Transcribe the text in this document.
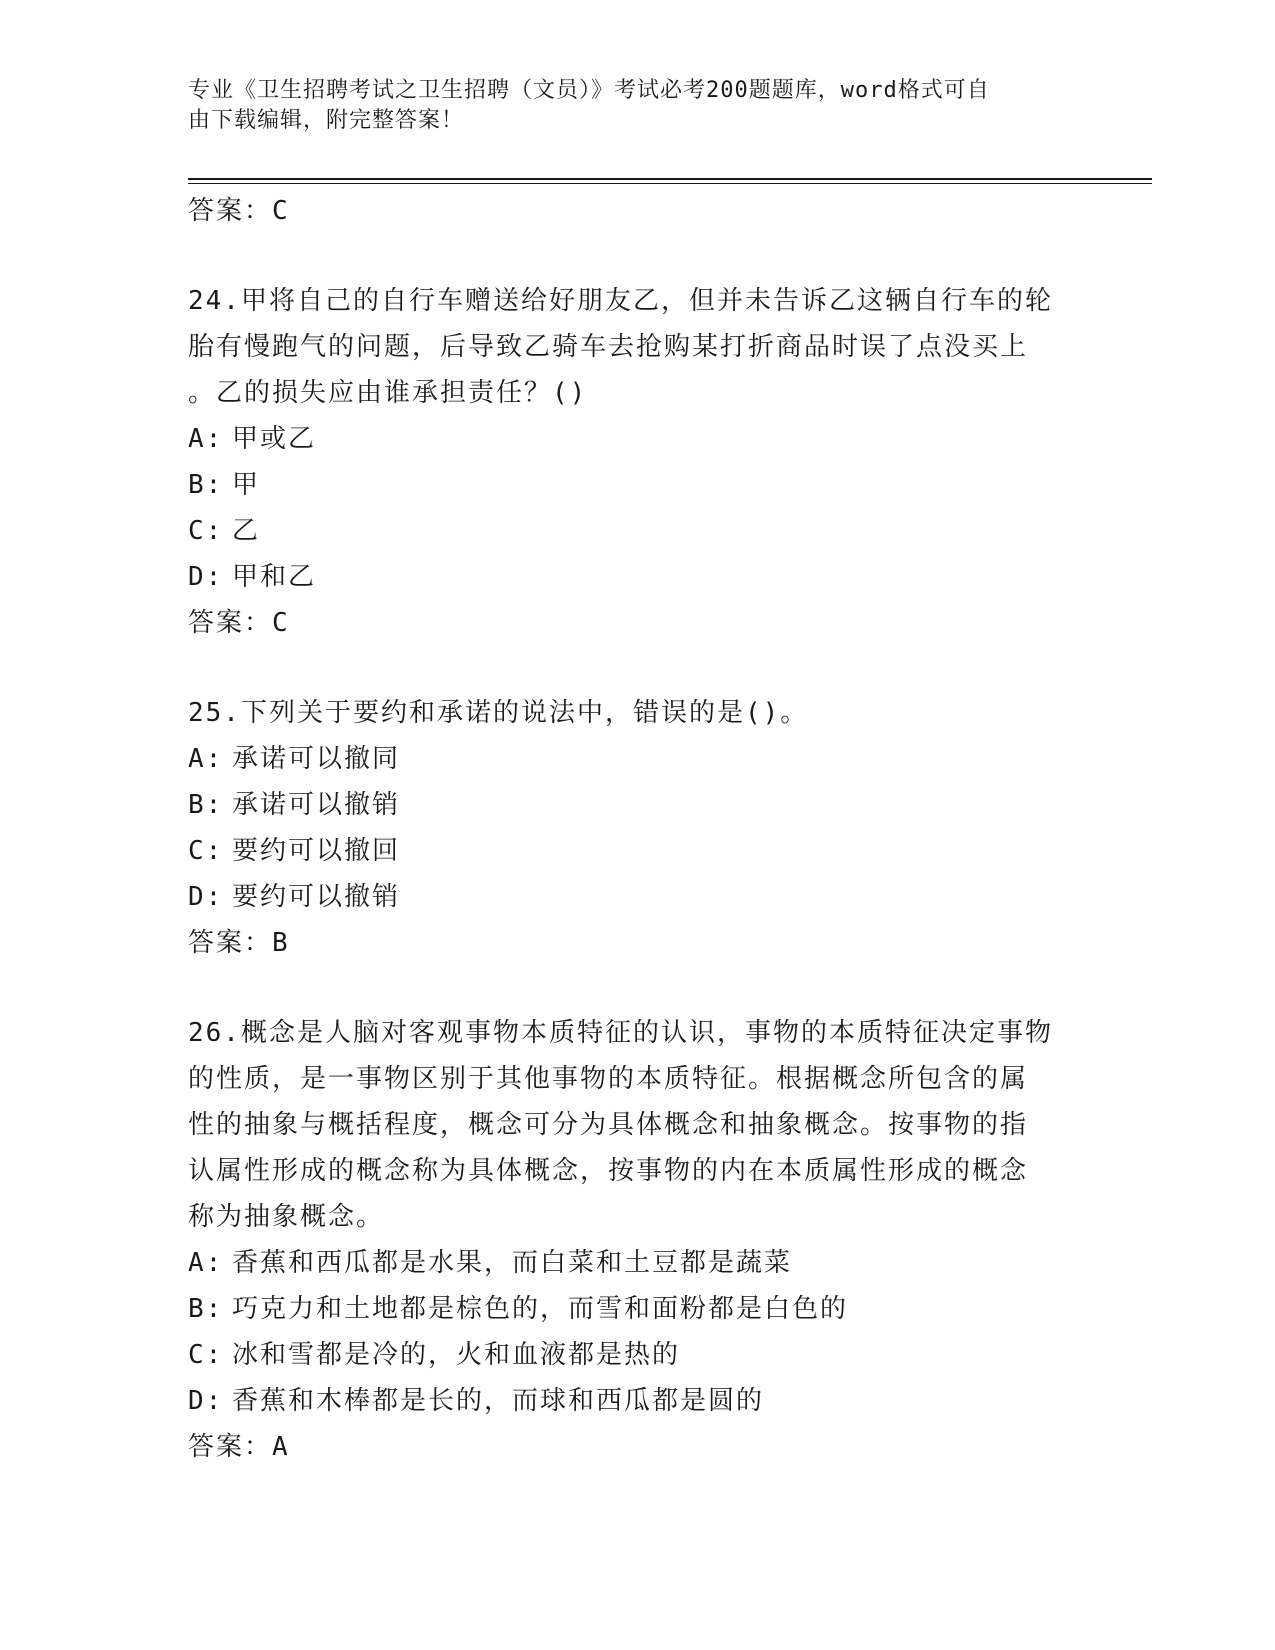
专业《卫生招聘考试之卫生招聘（文员）》考试必考200题题库，word格式可自
由下载编辑，附完整答案！
答案：C
24.甲将自己的自行车赠送给好朋友乙，但并未告诉乙这辆自行车的轮
胎有慢跑气的问题，后导致乙骑车去抢购某打折商品时误了点没买上
。乙的损失应由谁承担责任？()
A: 甲或乙
B: 甲
C: 乙
D: 甲和乙
答案：C
25.下列关于要约和承诺的说法中，错误的是()。
A: 承诺可以撤同
B: 承诺可以撤销
C: 要约可以撤回
D: 要约可以撤销
答案：B
26.概念是人脑对客观事物本质特征的认识，事物的本质特征决定事物
的性质，是一事物区别于其他事物的本质特征。根据概念所包含的属
性的抽象与概括程度，概念可分为具体概念和抽象概念。按事物的指
认属性形成的概念称为具体概念，按事物的内在本质属性形成的概念
称为抽象概念。
A: 香蕉和西瓜都是水果，而白菜和土豆都是蔬菜
B: 巧克力和土地都是棕色的，而雪和面粉都是白色的
C: 冰和雪都是冷的，火和血液都是热的
D: 香蕉和木棒都是长的，而球和西瓜都是圆的
答案：A
